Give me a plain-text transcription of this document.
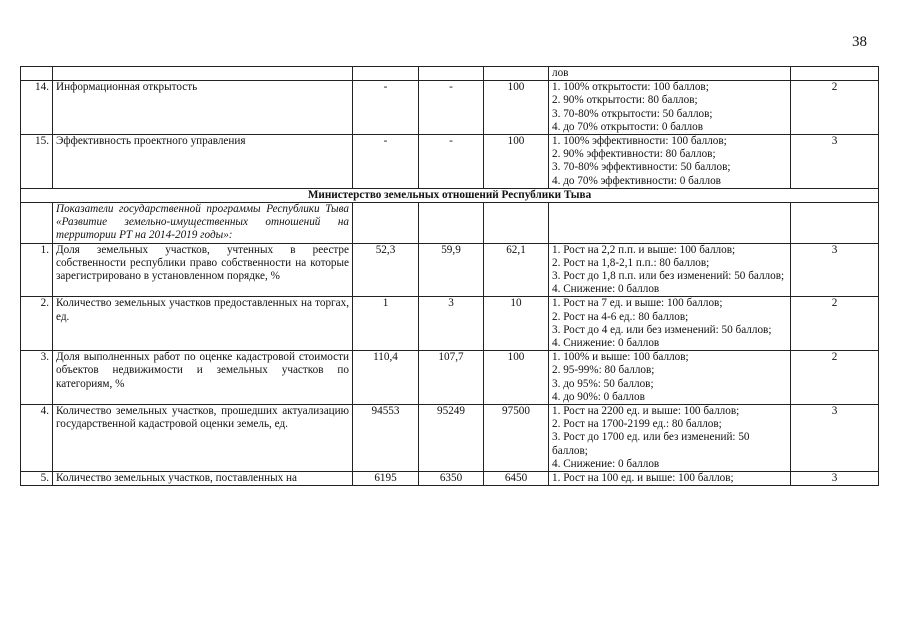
38

					лов	

14.	Информационная открытость	-	-	100	1. 100% открытости: 100 баллов;
2. 90% открытости: 80 баллов;
3. 70-80% открытости: 50 баллов;
4. до 70% открытости: 0 баллов	2
15.	Эффективность проектного управления	-	-	100	1. 100% эффективности: 100 баллов;
2. 90% эффективности: 80 баллов;
3. 70-80% эффективности: 50 баллов;
4. до 70% эффективности: 0 баллов	3
Министерство земельных отношений Республики Тыва						
	Показатели государственной программы Республики Тыва «Развитие земельно-имущественных отношений на территории РТ на 2014-2019 годы»:					
1.	Доля земельных участков, учтенных в реестре собственности республики право собственности на которые зарегистрировано в установленном порядке, %	52,3	59,9	62,1	1. Рост на 2,2 п.п. и выше: 100 баллов;
2. Рост на 1,8-2,1 п.п.: 80 баллов;
3. Рост до 1,8 п.п. или без изменений: 50 баллов;
4. Снижение: 0 баллов	3
2.	Количество земельных участков предоставленных на торгах, ед.	1	3	10	1. Рост на 7 ед. и выше: 100 баллов;
2. Рост на 4-6 ед.: 80 баллов;
3. Рост до 4 ед. или без изменений: 50 баллов;
4. Снижение: 0 баллов	2
3.	Доля выполненных работ по оценке кадастровой стоимости объектов недвижимости и земельных участков по категориям, %	110,4	107,7	100	1. 100% и выше: 100 баллов;
2. 95-99%: 80 баллов;
3. до 95%: 50 баллов;
4. до 90%: 0 баллов	2
4.	Количество земельных участков, прошедших актуализацию государственной кадастровой оценки земель, ед.	94553	95249	97500	1. Рост на 2200 ед. и выше: 100 баллов;
2. Рост на 1700-2199 ед.: 80 баллов;
3. Рост до 1700 ед. или без изменений: 50 баллов;
4. Снижение: 0 баллов	3
5.	Количество земельных участков, поставленных на	6195	6350	6450	1. Рост на 100 ед. и выше: 100 баллов;	3
